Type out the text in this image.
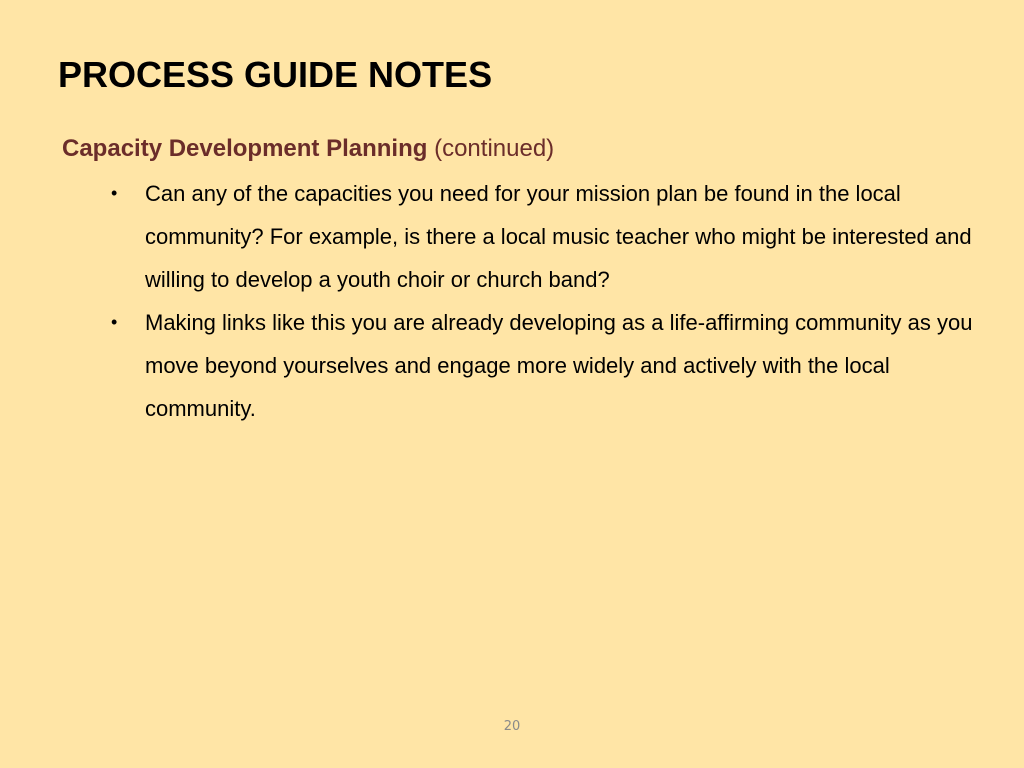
PROCESS GUIDE NOTES
Capacity Development Planning (continued)
•	Can any of the capacities you need for your mission plan be found in the local community? For example, is there a local music teacher who might be interested and willing to develop a youth choir or church band?
•	Making links like this you are already developing as a life-affirming community as you move beyond yourselves and engage more widely and actively with the local community.
20
